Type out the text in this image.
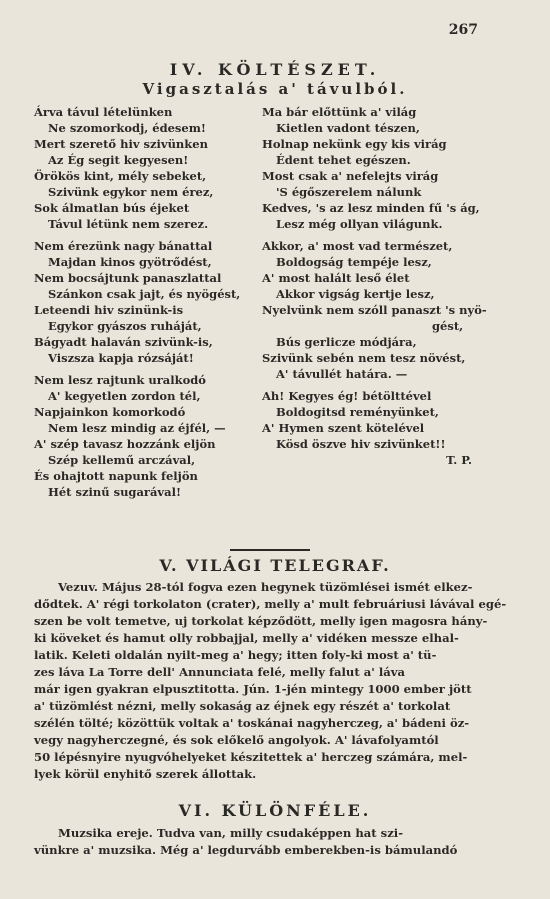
267
IV. KÖLTÉSZET.
Vigasztalás a' távulból.
Árva távul lételünken
Ne szomorkodj, édesem!
Mert szerető hiv szivünken
Az Ég segit kegyesen!
Örökös kint, mély sebeket,
Szivünk egykor nem érez,
Sok álmatlan bús éjeket
Távul létünk nem szerez.
Nem érezünk nagy bánattal
Majdan kinos gyötrődést,
Nem bocsájtunk panaszlattal
Szánkon csak jajt, és nyögést,
Leteendi hiv szinünk-is
Egykor gyászos ruháját,
Bágyadt halaván szivünk-is,
Viszsza kapja rózsáját!
Nem lesz rajtunk uralkodó
A' kegyetlen zordon tél,
Napjainkon komorkodó
Nem lesz mindig az éjfél, —
A' szép tavasz hozzánk eljön
Szép kellemű arczával,
És ohajtott napunk feljön
Hét szinű sugarával!
Ma bár előttünk a' világ
Kietlen vadont tészen,
Holnap nekünk egy kis virág
Édent tehet egészen.
Most csak a' nefelejts virág
'S égőszerelem nálunk
Kedves, 's az lesz minden fű 's ág,
Lesz még ollyan világunk.
Akkor, a' most vad természet,
Boldogság tempéje lesz,
A' most halált leső élet
Akkor vigság kertje lesz,
Nyelvünk nem szóll panaszt 's nyö-
gést,
Bús gerlicze módjára,
Szivünk sebén nem tesz növést,
A' távullét határa. —
Ah! Kegyes ég! bétölttével
Boldogitsd reményünket,
A' Hymen szent kötelével
Kösd öszve hiv szivünket!!
T. P.
V. VILÁGI TELEGRAF.
Vezuv. Május 28-tól fogva ezen hegynek tüzömlései ismét elkez-
dődtek. A' régi torkolaton (crater), melly a' mult februáriusi lávával egé-
szen be volt temetve, uj torkolat képződött, melly igen magosra hány-
ki köveket és hamut olly robbajjal, melly a' vidéken messze elhal-
latik. Keleti oldalán nyilt-meg a' hegy; itten foly-ki most a' tü-
zes láva La Torre dell' Annunciata felé, melly falut a' láva
már igen gyakran elpusztitotta. Jún. 1-jén mintegy 1000 ember jött
a' tüzömlést nézni, melly sokaság az éjnek egy részét a' torkolat
szélén tölté; közöttük voltak a' toskánai nagyherczeg, a' bádeni öz-
vegy nagyherczegné, és sok előkelő angolyok. A' lávafolyamtól
50 lépésnyire nyugvóhelyeket készitettek a' herczeg számára, mel-
lyek körül enyhitő szerek állottak.
VI. KÜLÖNFÉLE.
Muzsika ereje. Tudva van, milly csudaképpen hat szi-
vünkre a' muzsika. Még a' legdurvább emberekben-is bámulandó
